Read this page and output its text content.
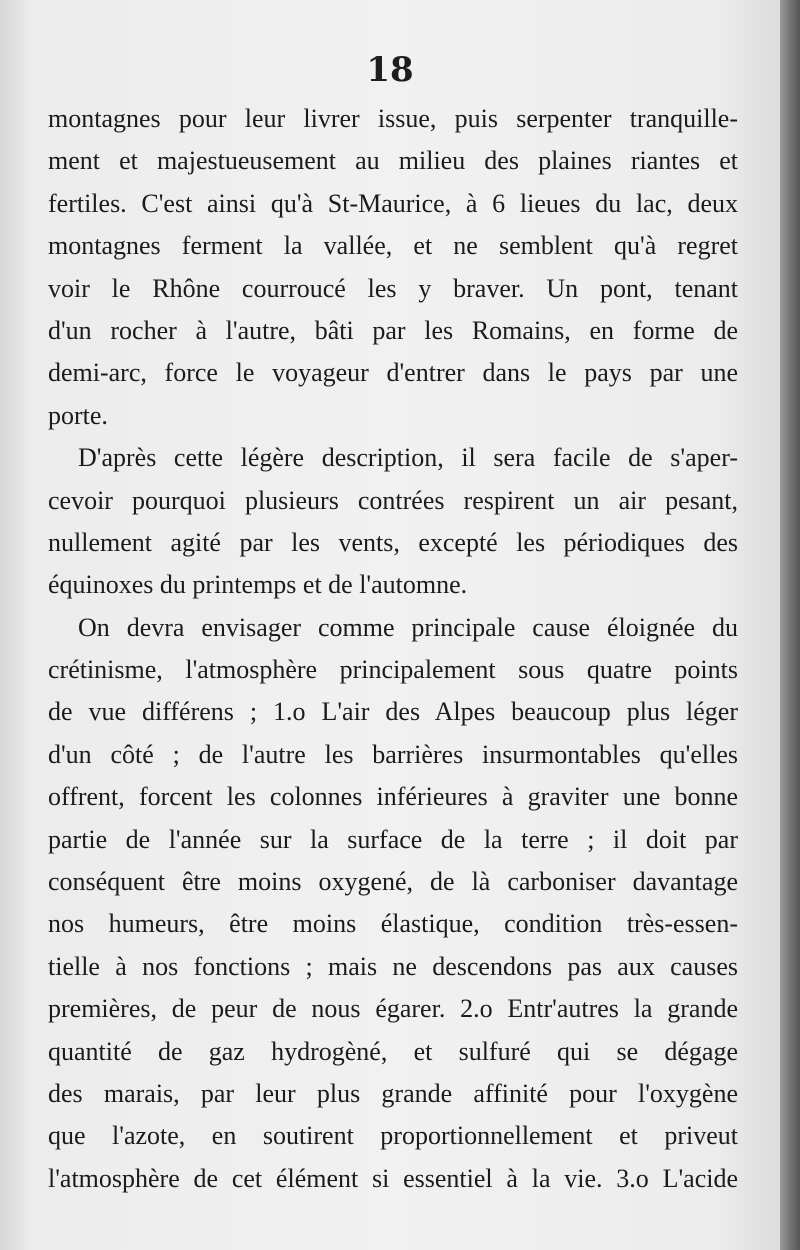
18
montagnes pour leur livrer issue, puis serpenter tranquille-
ment et majestueusement au milieu des plaines riantes et
fertiles. C'est ainsi qu'à St-Maurice, à 6 lieues du lac, deux
montagnes ferment la vallée, et ne semblent qu'à regret
voir le Rhône courroucé les y braver. Un pont, tenant
d'un rocher à l'autre, bâti par les Romains, en forme de
demi-arc, force le voyageur d'entrer dans le pays par une
porte.
D'après cette légère description, il sera facile de s'aper-
cevoir pourquoi plusieurs contrées respirent un air pesant,
nullement agité par les vents, excepté les périodiques des
équinoxes du printemps et de l'automne.
On devra envisager comme principale cause éloignée du
crétinisme, l'atmosphère principalement sous quatre points
de vue différens ; 1.o L'air des Alpes beaucoup plus léger
d'un côté ; de l'autre les barrières insurmontables qu'elles
offrent, forcent les colonnes inférieures à graviter une bonne
partie de l'année sur la surface de la terre ; il doit par
conséquent être moins oxygené, de là carboniser davantage
nos humeurs, être moins élastique, condition très-essen-
tielle à nos fonctions ; mais ne descendons pas aux causes
premières, de peur de nous égarer. 2.o Entr'autres la grande
quantité de gaz hydrogèné, et sulfuré qui se dégage
des marais, par leur plus grande affinité pour l'oxygène
que l'azote, en soutirent proportionnellement et priveut
l'atmosphère de cet élément si essentiel à la vie. 3.o L'acide
